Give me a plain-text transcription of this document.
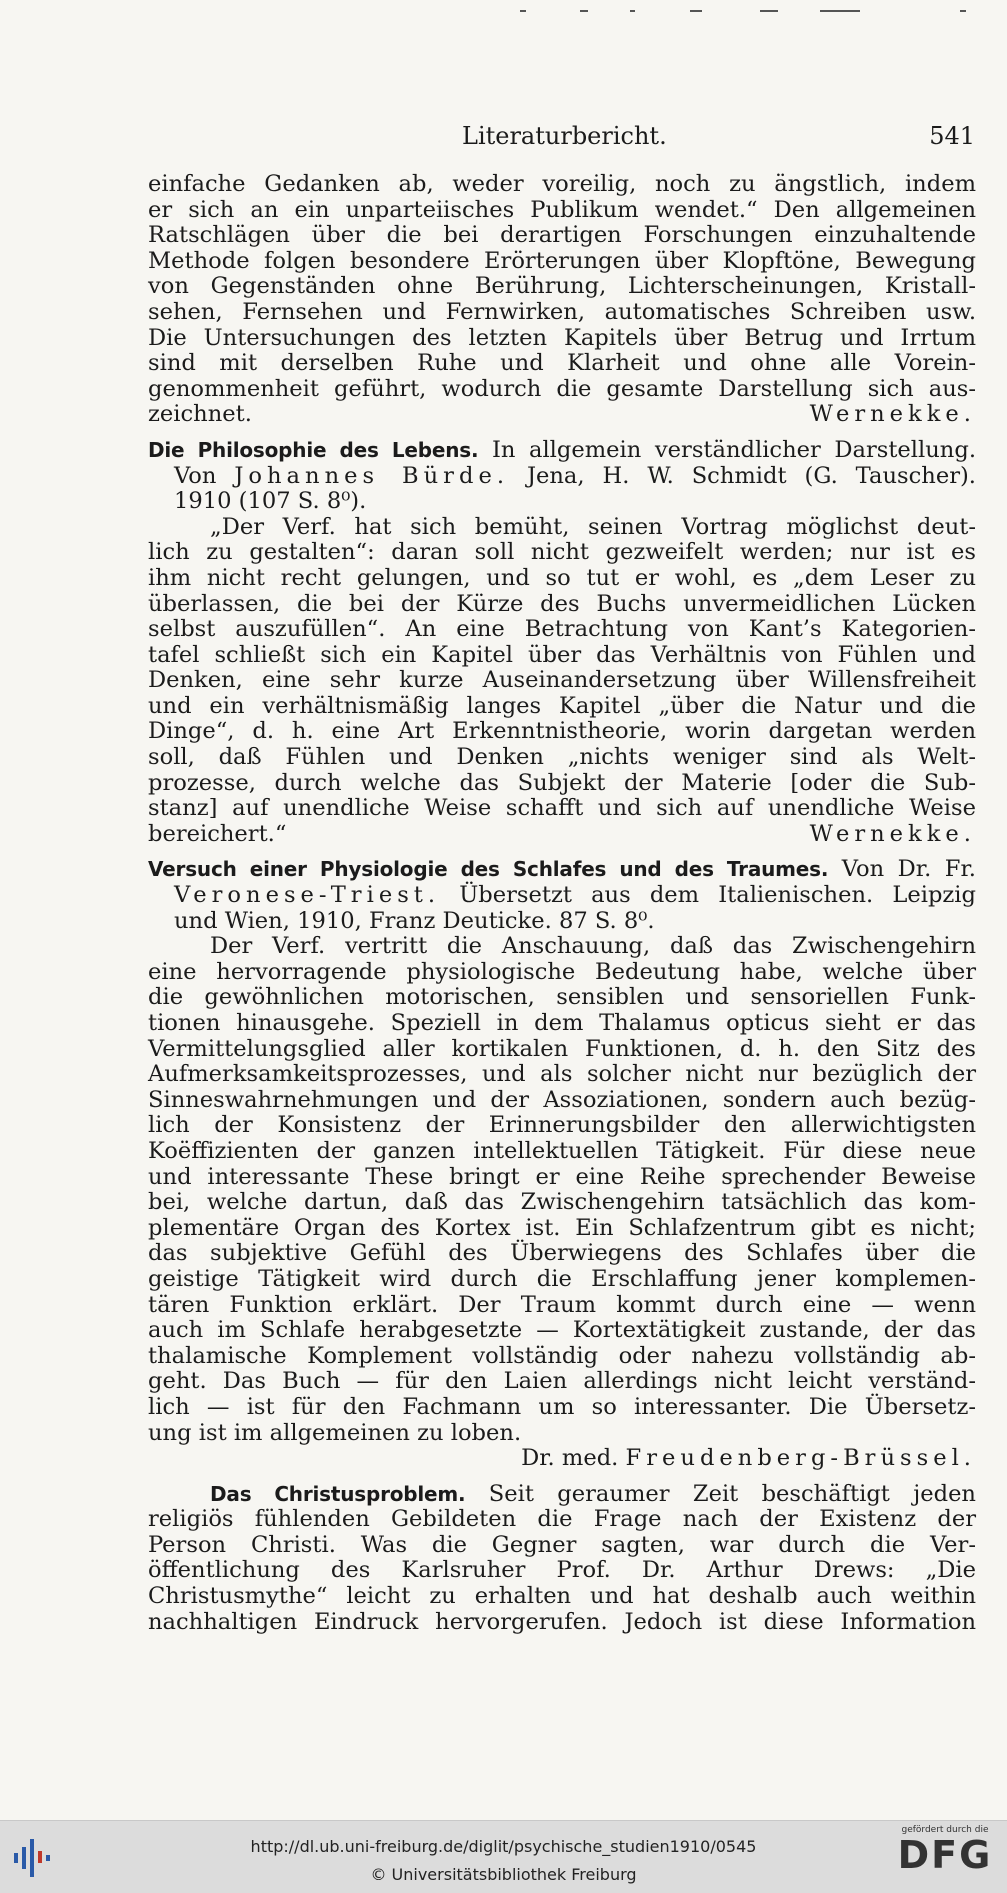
Literaturbericht.	541
einfache Gedanken ab, weder voreilig, noch zu ängstlich, indem
er sich an ein unparteiisches Publikum wendet.“ Den allgemeinen
Ratschlägen über die bei derartigen Forschungen einzuhaltende
Methode folgen besondere Erörterungen über Klopftöne, Bewegung
von Gegenständen ohne Berührung, Lichterscheinungen, Kristall-
sehen, Fernsehen und Fernwirken, automatisches Schreiben usw.
Die Untersuchungen des letzten Kapitels über Betrug und Irrtum
sind mit derselben Ruhe und Klarheit und ohne alle Vorein-
genommenheit geführt, wodurch die gesamte Darstellung sich aus-
zeichnet.	Wernekke.
Die Philosophie des Lebens. In allgemein verständlicher Darstellung.
Von Johannes Bürde. Jena, H. W. Schmidt (G. Tauscher).
1910 (107 S. 8⁰).
„Der Verf. hat sich bemüht, seinen Vortrag möglichst deut-
lich zu gestalten“: daran soll nicht gezweifelt werden; nur ist es
ihm nicht recht gelungen, und so tut er wohl, es „dem Leser zu
überlassen, die bei der Kürze des Buchs unvermeidlichen Lücken
selbst auszufüllen“. An eine Betrachtung von Kant’s Kategorien-
tafel schließt sich ein Kapitel über das Verhältnis von Fühlen und
Denken, eine sehr kurze Auseinandersetzung über Willensfreiheit
und ein verhältnismäßig langes Kapitel „über die Natur und die
Dinge“, d. h. eine Art Erkenntnistheorie, worin dargetan werden
soll, daß Fühlen und Denken „nichts weniger sind als Welt-
prozesse, durch welche das Subjekt der Materie [oder die Sub-
stanz] auf unendliche Weise schafft und sich auf unendliche Weise
bereichert.“	Wernekke.
Versuch einer Physiologie des Schlafes und des Traumes. Von Dr. Fr.
Veronese-Triest. Übersetzt aus dem Italienischen. Leipzig
und Wien, 1910, Franz Deuticke. 87 S. 8⁰.
Der Verf. vertritt die Anschauung, daß das Zwischengehirn
eine hervorragende physiologische Bedeutung habe, welche über
die gewöhnlichen motorischen, sensiblen und sensoriellen Funk-
tionen hinausgehe. Speziell in dem Thalamus opticus sieht er das
Vermittelungsglied aller kortikalen Funktionen, d. h. den Sitz des
Aufmerksamkeitsprozesses, und als solcher nicht nur bezüglich der
Sinneswahrnehmungen und der Assoziationen, sondern auch bezüg-
lich der Konsistenz der Erinnerungsbilder den allerwichtigsten
Koëffizienten der ganzen intellektuellen Tätigkeit. Für diese neue
und interessante These bringt er eine Reihe sprechender Beweise
bei, welche dartun, daß das Zwischengehirn tatsächlich das kom-
plementäre Organ des Kortex ist. Ein Schlafzentrum gibt es nicht;
das subjektive Gefühl des Überwiegens des Schlafes über die
geistige Tätigkeit wird durch die Erschlaffung jener komplemen-
tären Funktion erklärt. Der Traum kommt durch eine — wenn
auch im Schlafe herabgesetzte — Kortextätigkeit zustande, der das
thalamische Komplement vollständig oder nahezu vollständig ab-
geht. Das Buch — für den Laien allerdings nicht leicht verständ-
lich — ist für den Fachmann um so interessanter. Die Übersetz-
ung ist im allgemeinen zu loben.
Dr. med. Freudenberg-Brüssel.
Das Christusproblem. Seit geraumer Zeit beschäftigt jeden
religiös fühlenden Gebildeten die Frage nach der Existenz der
Person Christi. Was die Gegner sagten, war durch die Ver-
öffentlichung des Karlsruher Prof. Dr. Arthur Drews: „Die
Christusmythe“ leicht zu erhalten und hat deshalb auch weithin
nachhaltigen Eindruck hervorgerufen. Jedoch ist diese Information
http://dl.ub.uni-freiburg.de/diglit/psychische_studien1910/0545
© Universitätsbibliothek Freiburg
gefördert durch die
DFG
